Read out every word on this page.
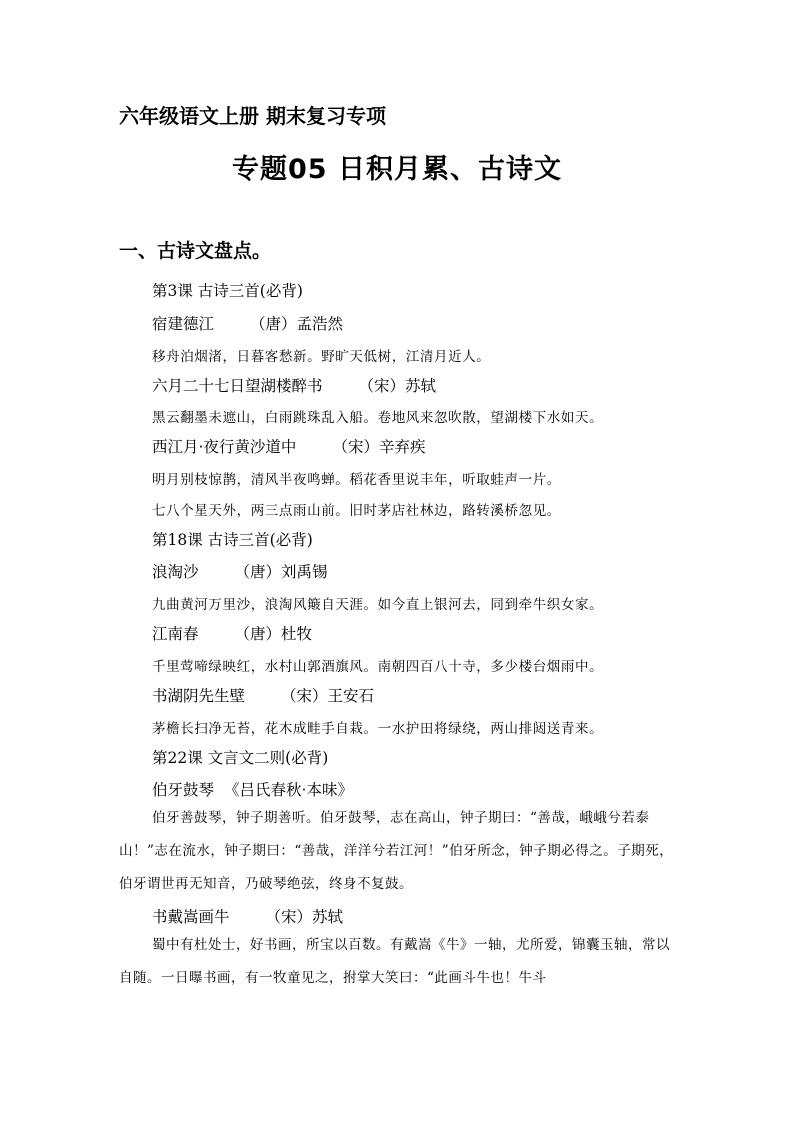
六年级语文上册 期末复习专项
专题05 日积月累、古诗文
一、古诗文盘点。
第3课 古诗三首(必背)
宿建德江 （唐）孟浩然
移舟泊烟渚，日暮客愁新。野旷天低树，江清月近人。
六月二十七日望湖楼醉书 （宋）苏轼
黑云翻墨未遮山，白雨跳珠乱入船。卷地风来忽吹散，望湖楼下水如天。
西江月·夜行黄沙道中 （宋）辛弃疾
明月别枝惊鹊，清风半夜鸣蝉。稻花香里说丰年，听取蛙声一片。
七八个星天外，两三点雨山前。旧时茅店社林边，路转溪桥忽见。
第18课 古诗三首(必背)
浪淘沙 （唐）刘禹锡
九曲黄河万里沙，浪淘风簸自天涯。如今直上银河去，同到牵牛织女家。
江南春 （唐）杜牧
千里莺啼绿映红，水村山郭酒旗风。南朝四百八十寺，多少楼台烟雨中。
书湖阴先生壁 （宋）王安石
茅檐长扫净无苔，花木成畦手自栽。一水护田将绿绕，两山排闼送青来。
第22课 文言文二则(必背)
伯牙鼓琴 《吕氏春秋·本味》
伯牙善鼓琴，钟子期善听。伯牙鼓琴，志在高山，钟子期曰：“善哉，峨峨兮若泰山！”志在流水，钟子期曰：“善哉，洋洋兮若江河！”伯牙所念，钟子期必得之。子期死，伯牙谓世再无知音，乃破琴绝弦，终身不复鼓。
书戴嵩画牛 （宋）苏轼
蜀中有杜处士，好书画，所宝以百数。有戴嵩《牛》一轴，尤所爱，锦囊玉轴，常以自随。一日曝书画，有一牧童见之，拊掌大笑曰：“此画斗牛也！牛斗
